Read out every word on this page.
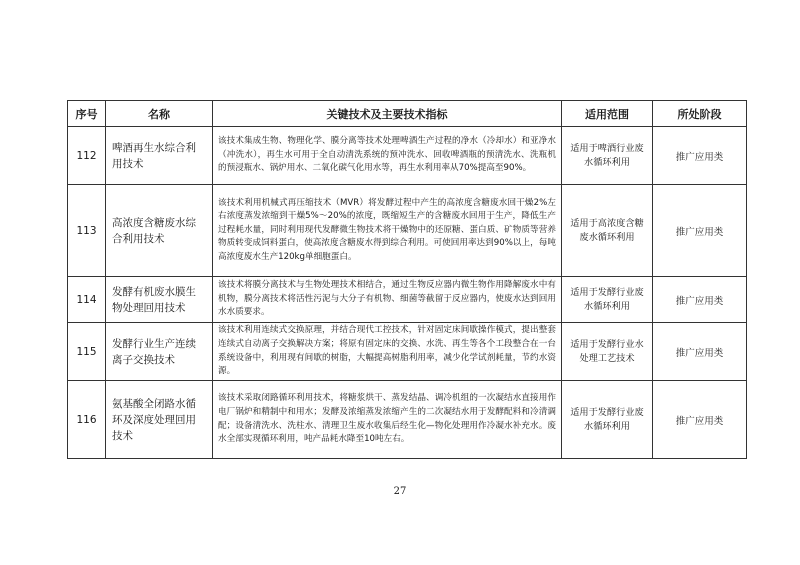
序号	名称	关键技术及主要技术指标	适用范围	所处阶段
112	啤酒再生水综合利用技术	该技术集成生物、物理化学、膜分离等技术处理啤酒生产过程的净水（冷却水）和亚净水（冲洗水），再生水可用于全自动清洗系统的预冲洗水、回收啤酒瓶的预清洗水、洗瓶机的预浸瓶水、锅炉用水、二氧化碳气化用水等，再生水利用率从70%提高至90%。	适用于啤酒行业废水循环利用	推广应用类
113	高浓度含糖废水综合利用技术	该技术利用机械式再压缩技术（MVR）将发酵过程中产生的高浓度含糖废水回干燥2%左右浓度蒸发浓缩到干燥5%～20%的浓度，既缩短生产的含糖废水回用于生产，降低生产过程耗水量，同时利用现代发酵微生物技术将干燥物中的还原糖、蛋白质、矿物质等营养物质转变成饲料蛋白，使高浓度含糖废水得到综合利用。可使回用率达到90%以上，每吨高浓度废水生产120kg单细胞蛋白。	适用于高浓度含糖废水循环利用	推广应用类
114	发酵有机废水膜生物处理回用技术	该技术将膜分离技术与生物处理技术相结合，通过生物反应器内微生物作用降解废水中有机物，膜分离技术将活性污泥与大分子有机物、细菌等截留于反应器内，使废水达到回用水水质要求。	适用于发酵行业废水循环利用	推广应用类
115	发酵行业生产连续离子交换技术	该技术利用连续式交换原理，并结合现代工控技术，针对固定床间歇操作模式，提出整套连续式自动离子交换解决方案；将原有固定床的交换、水洗、再生等各个工段整合在一台系统设备中，利用现有间歇的树脂，大幅提高树脂利用率，减少化学试剂耗量，节约水资源。	适用于发酵行业水处理工艺技术	推广应用类
116	氨基酸全闭路水循环及深度处理回用技术	该技术采取闭路循环利用技术，将糖浆烘干、蒸发结晶、调冷机组的一次凝结水直接用作电厂锅炉和精制中和用水；发酵及浓缩蒸发浓缩产生的二次凝结水用于发酵配料和冷清调配；设备清洗水、洗柱水、清理卫生废水收集后经生化—物化处理用作冷凝水补充水。废水全部实现循环利用，吨产品耗水降至10吨左右。	适用于发酵行业废水循环利用	推广应用类
27
